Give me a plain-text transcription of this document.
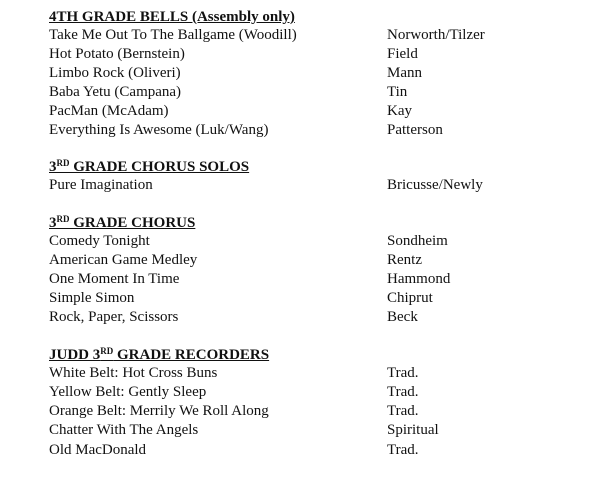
4TH GRADE BELLS (Assembly only)
Take Me Out To The Ballgame (Woodill)	Norworth/Tilzer
Hot Potato (Bernstein)	Field
Limbo Rock (Oliveri)	Mann
Baba Yetu (Campana)	Tin
PacMan (McAdam)	Kay
Everything Is Awesome (Luk/Wang)	Patterson
3RD GRADE CHORUS SOLOS
Pure Imagination	Bricusse/Newly
3RD GRADE CHORUS
Comedy Tonight	Sondheim
American Game Medley	Rentz
One Moment In Time	Hammond
Simple Simon	Chiprut
Rock, Paper, Scissors	Beck
JUDD 3RD GRADE RECORDERS
White Belt: Hot Cross Buns	Trad.
Yellow Belt: Gently Sleep	Trad.
Orange Belt: Merrily We Roll Along	Trad.
Chatter With The Angels	Spiritual
Old MacDonald	Trad.
